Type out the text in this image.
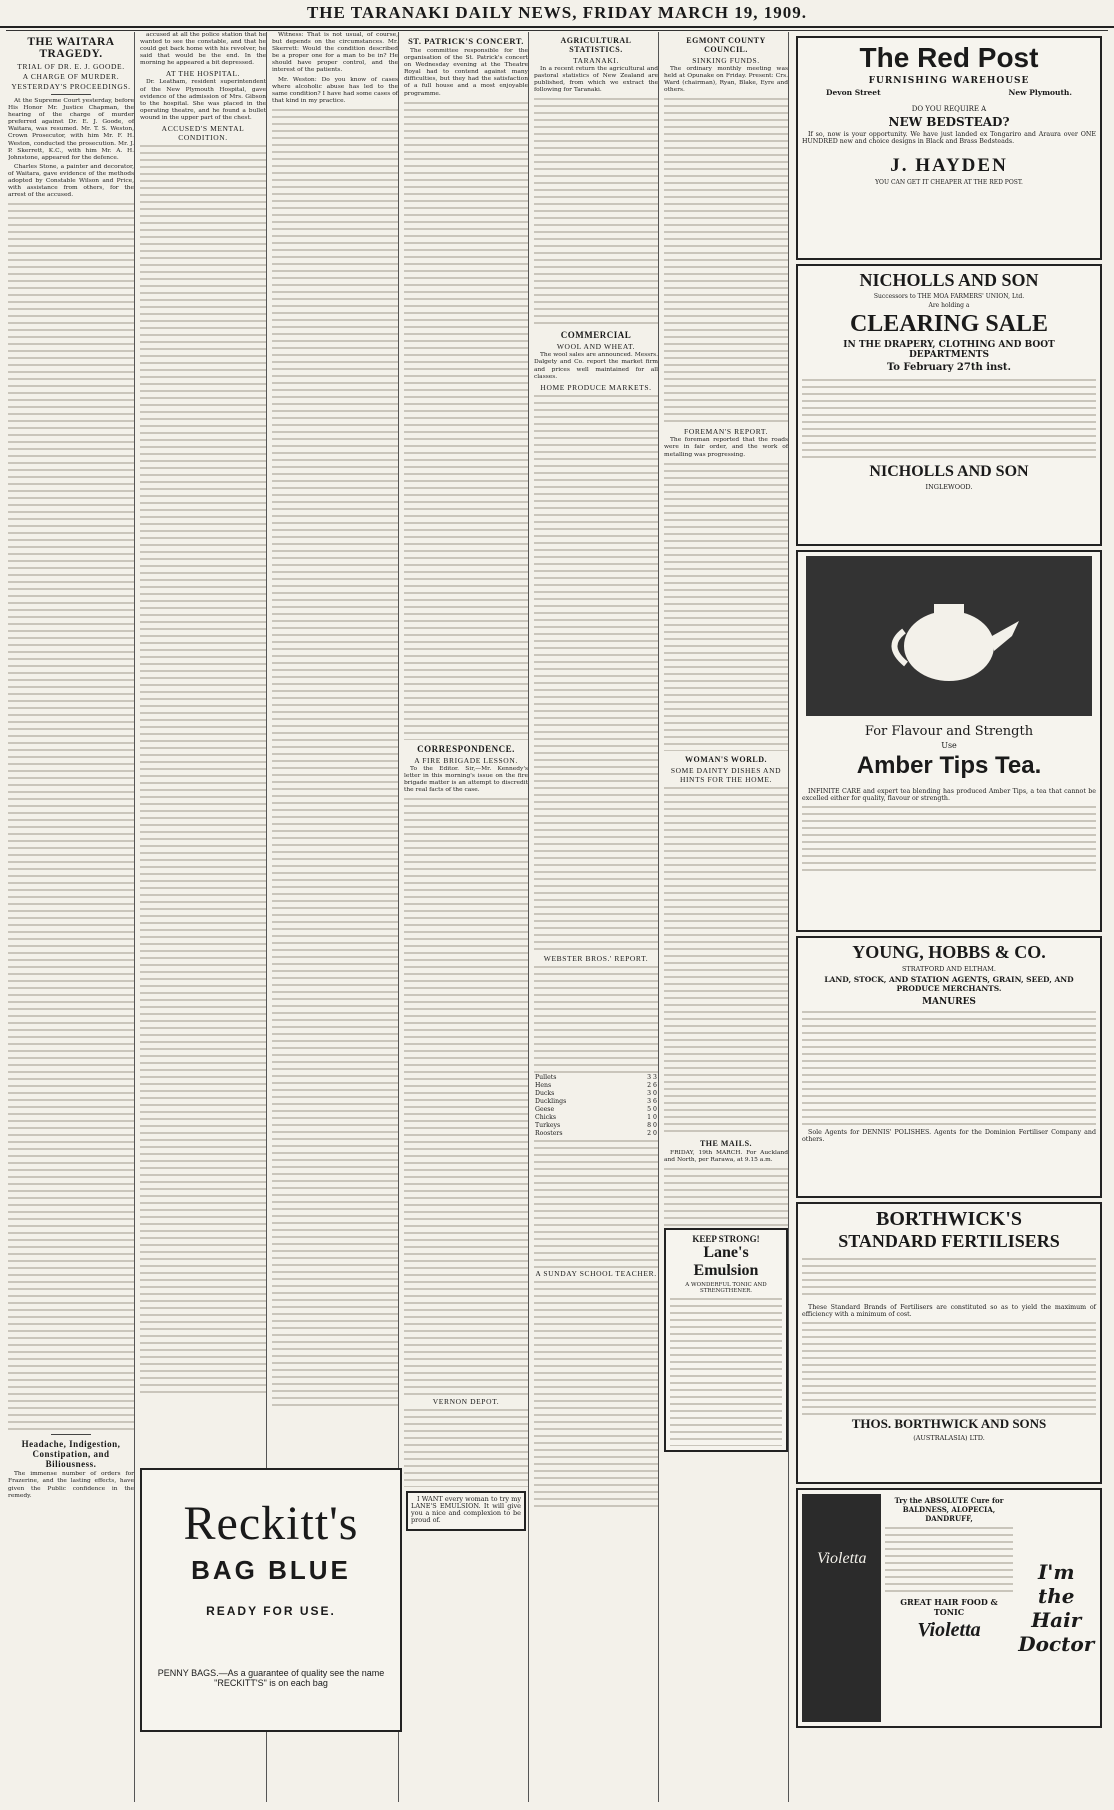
THE TARANAKI DAILY NEWS, FRIDAY MARCH 19, 1909.
THE WAITARA TRAGEDY.
TRIAL OF DR. E. J. GOODE.
A CHARGE OF MURDER.
YESTERDAY'S PROCEEDINGS.

At the Supreme Court yesterday, before His Honor Mr. Justice Chapman, the hearing of the charge of murder preferred against Dr. E. J. Goode, of Waitara, was resumed. Mr. T. S. Weston, Crown Prosecutor, with him Mr. F. H. Weston, conducted the prosecution. Mr. J. P. Skerrett, K.C., with him Mr. A. H. Johnstone, appeared for the defence.

Charles Stone, a painter and decorator, of Waitara, gave evidence of the methods adopted by Constable Wilson and Price, with assistance from others, for the arrest of the accused.

Headache, Indigestion, Constipation, and Biliousness.

The immense number of orders for Frazerine, and the lasting effects, have given the Public confidence in the remedy.

accused at all the police station that he wanted to see the constable, and that he could get back home with his revolver, he said that would be the end. In the morning he appeared a bit depressed.

AT THE HOSPITAL.

Dr. Leatham, resident superintendent of the New Plymouth Hospital, gave evidence of the admission of Mrs. Gibson to the hospital. She was placed in the operating theatre, and he found a bullet wound in the upper part of the chest.

ACCUSED'S MENTAL CONDITION.

Witness: That is not usual, of course, but depends on the circumstances. Mr. Skerrett: Would the condition described be a proper one for a man to be in? He should have proper control, and the interest of the patients.

Mr. Weston: Do you know of cases where alcoholic abuse has led to the same condition? I have had some cases of that kind in my practice.

ST. PATRICK'S CONCERT.

The committee responsible for the organisation of the St. Patrick's concert on Wednesday evening at the Theatre Royal had to contend against many difficulties, but they had the satisfaction of a full house and a most enjoyable programme.

CORRESPONDENCE.
A FIRE BRIGADE LESSON.

To the Editor. Sir,—Mr. Kennedy's letter in this morning's issue on the fire brigade matter is an attempt to discredit the real facts of the case.

VERNON DEPOT.

I WANT every woman to try my LANE'S EMULSION. It will give you a nice and complexion to be proud of.

AGRICULTURAL STATISTICS.
TARANAKI.

In a recent return the agricultural and pastoral statistics of New Zealand are published, from which we extract the following for Taranaki.

COMMERCIAL
WOOL AND WHEAT.

The wool sales are announced. Messrs. Dalgety and Co. report the market firm and prices well maintained for all classes.

HOME PRODUCE MARKETS.
WEBSTER BROS.' REPORT.
Pullets	3 3
Hens	2 6
Ducks	3 0
Ducklings	3 6
Geese	5 0
Chicks	1 0
Turkeys	8 0
Roosters	2 0
A SUNDAY SCHOOL TEACHER.
EGMONT COUNTY COUNCIL.
SINKING FUNDS.

The ordinary monthly meeting was held at Opunake on Friday. Present: Crs. Ward (chairman), Ryan, Blake, Eyre and others.

FOREMAN'S REPORT.

The foreman reported that the roads were in fair order, and the work of metalling was progressing.

WOMAN'S WORLD.
SOME DAINTY DISHES AND HINTS FOR THE HOME.
THE MAILS.

FRIDAY, 19th MARCH. For Auckland and North, per Rarawa, at 9.15 a.m.

KEEP STRONG!
Lane's Emulsion
A WONDERFUL TONIC AND STRENGTHENER.
The Red Post
FURNISHING WAREHOUSE
Devon Street	New Plymouth.
DO YOU REQUIRE A
NEW BEDSTEAD?

If so, now is your opportunity. We have just landed ex Tongariro and Araura over ONE HUNDRED new and choice designs in Black and Brass Bedsteads.

J. HAYDEN
YOU CAN GET IT CHEAPER AT THE RED POST.
NICHOLLS AND SON
Successors to THE MOA FARMERS' UNION, Ltd.
Are holding a
CLEARING SALE
IN THE DRAPERY, CLOTHING AND BOOT DEPARTMENTS
To February 27th inst.
NICHOLLS AND SON
INGLEWOOD.
For Flavour and Strength
Use
Amber Tips Tea.

INFINITE CARE and expert tea blending has produced Amber Tips, a tea that cannot be excelled either for quality, flavour or strength.

YOUNG, HOBBS & CO.
STRATFORD AND ELTHAM.
LAND, STOCK, AND STATION AGENTS, GRAIN, SEED, AND PRODUCE MERCHANTS.
MANURES

Sole Agents for DENNIS' POLISHES. Agents for the Dominion Fertiliser Company and others.

BORTHWICK'S
STANDARD FERTILISERS

These Standard Brands of Fertilisers are constituted so as to yield the maximum of efficiency with a minimum of cost.

THOS. BORTHWICK AND SONS
(AUSTRALASIA) LTD.
Violetta
Try the ABSOLUTE Cure for BALDNESS, ALOPECIA, DANDRUFF,
GREAT HAIR FOOD & TONIC
Violetta
I'm the Hair Doctor
Reckitt's
BAG BLUE
READY FOR USE.
PENNY BAGS.—As a guarantee of quality see the name "RECKITT'S" is on each bag
